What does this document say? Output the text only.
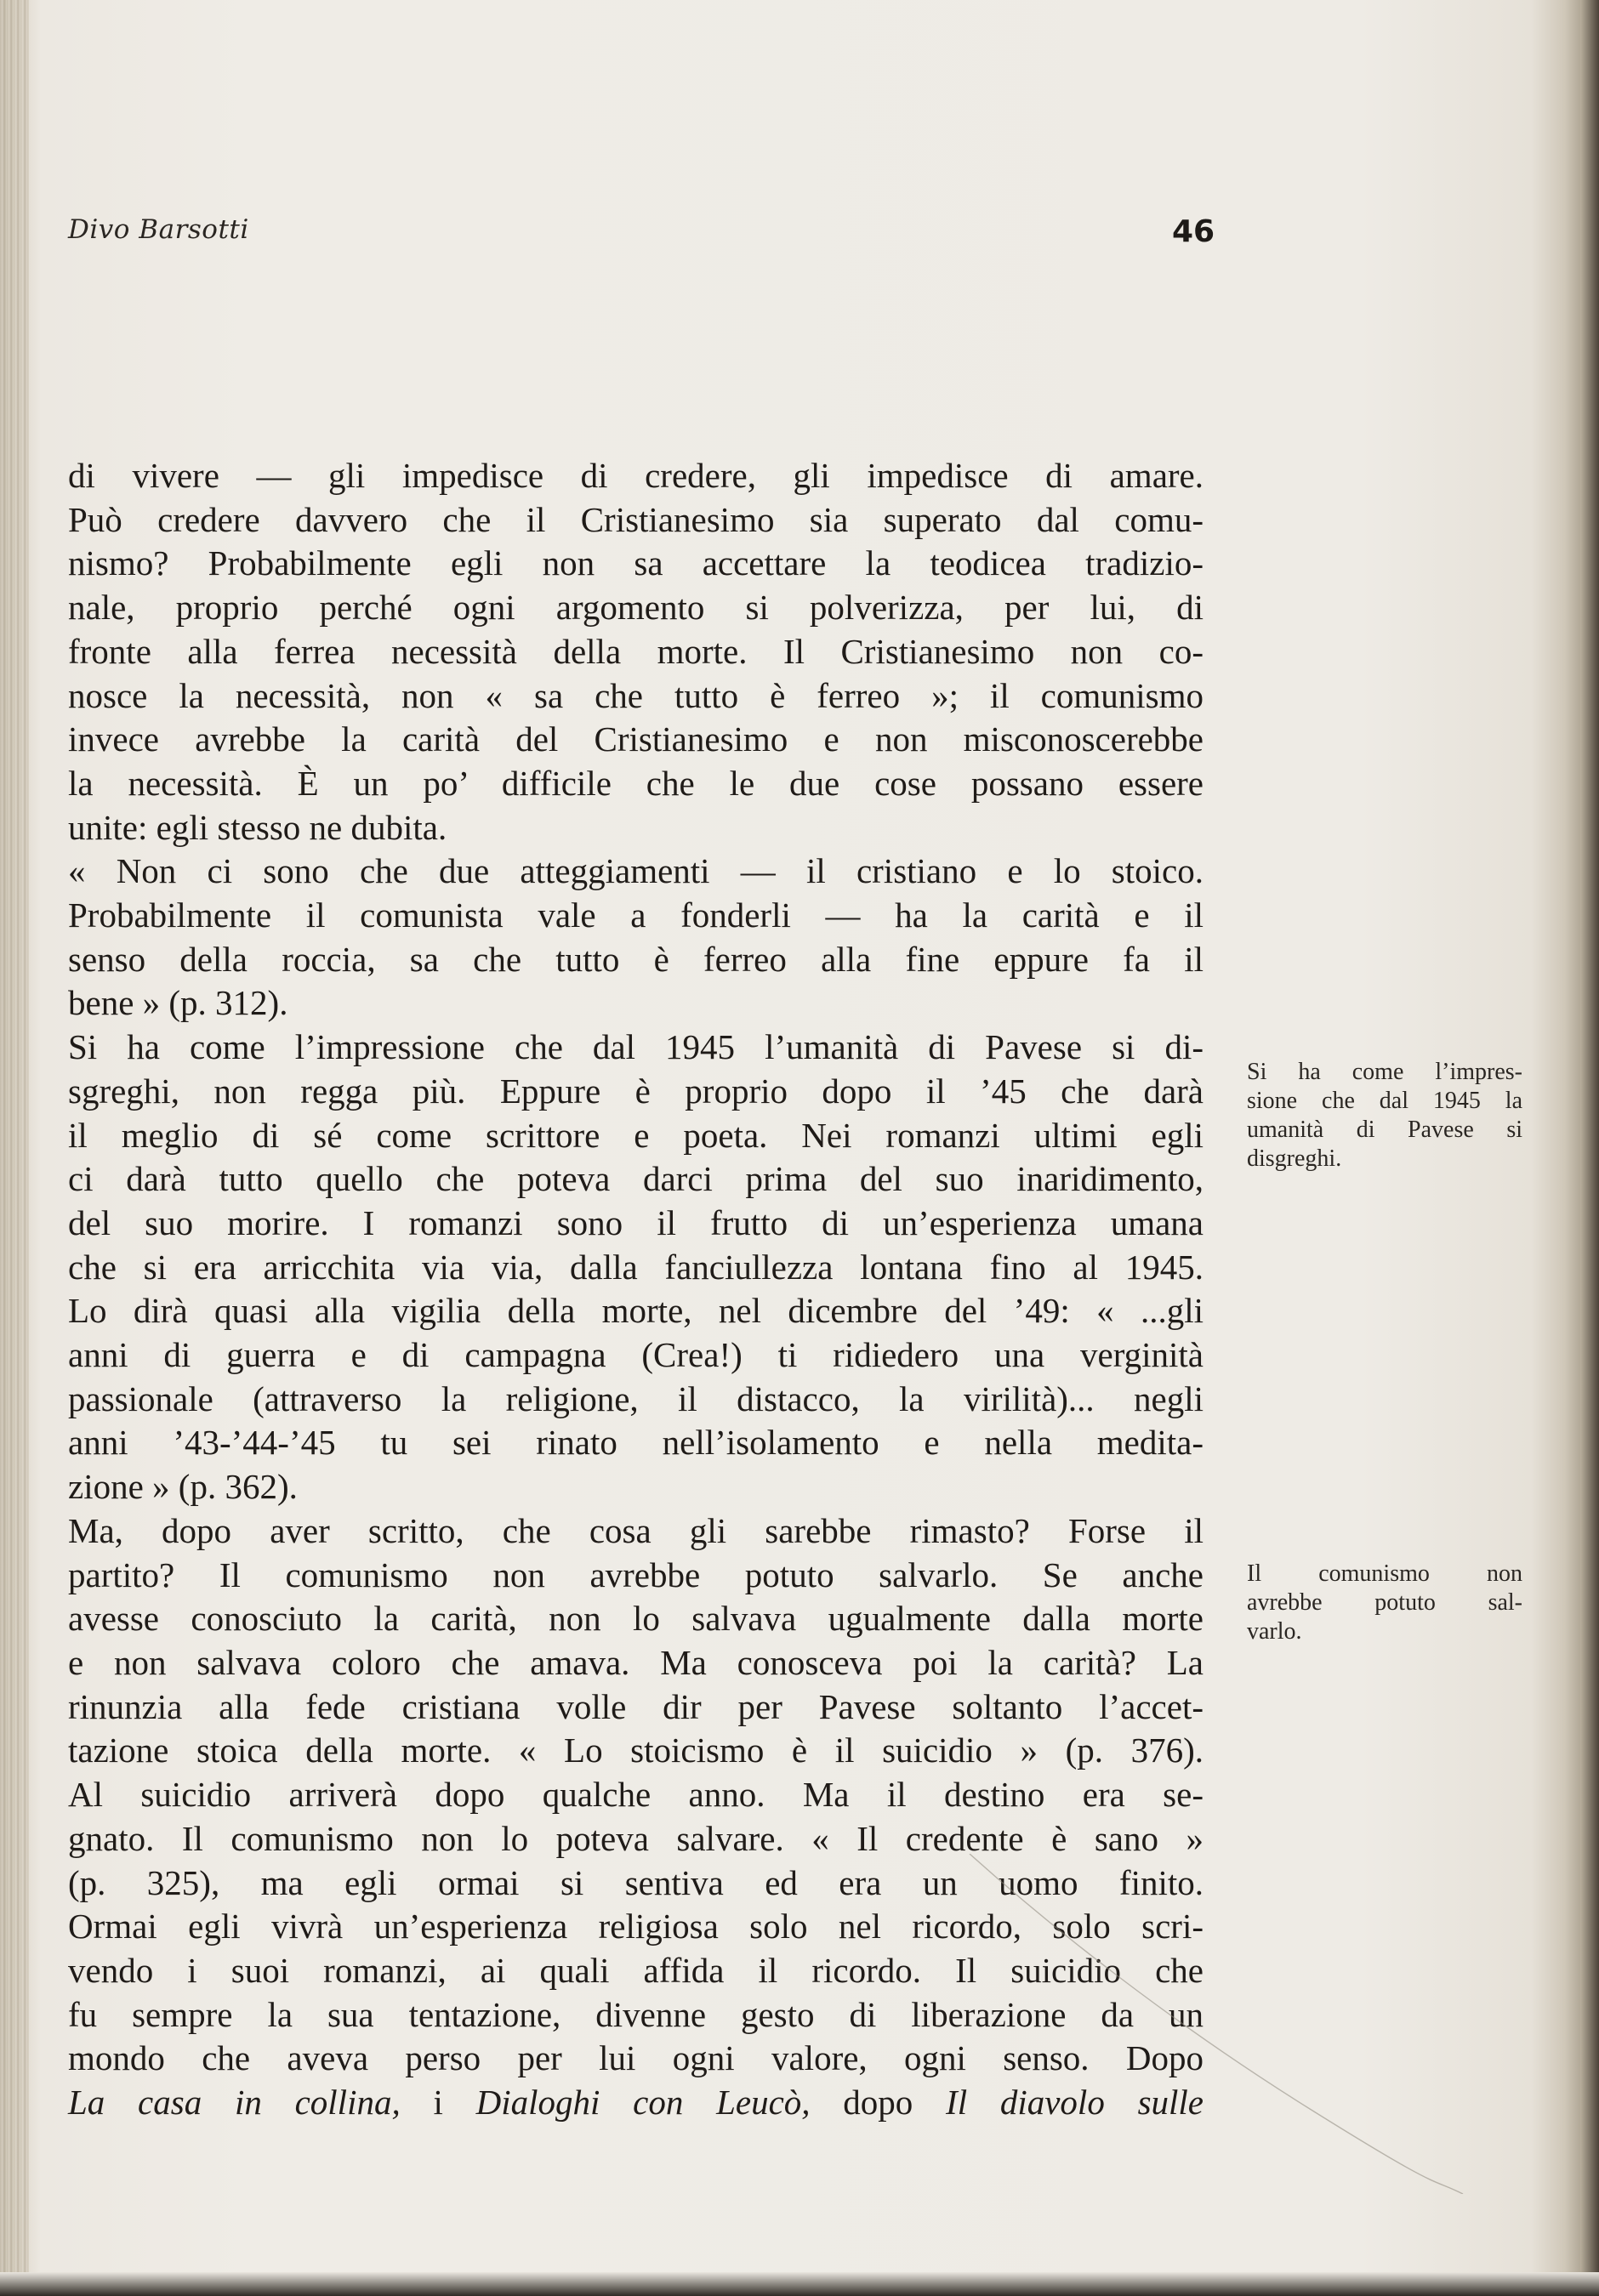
Divo Barsotti	46
di vivere — gli impedisce di credere, gli impedisce di amare.
Può credere davvero che il Cristianesimo sia superato dal comu-
nismo? Probabilmente egli non sa accettare la teodicea tradizio-
nale, proprio perché ogni argomento si polverizza, per lui, di
fronte alla ferrea necessità della morte. Il Cristianesimo non co-
nosce la necessità, non « sa che tutto è ferreo »; il comunismo
invece avrebbe la carità del Cristianesimo e non misconoscerebbe
la necessità. È un po’ difficile che le due cose possano essere
unite: egli stesso ne dubita.
« Non ci sono che due atteggiamenti — il cristiano e lo stoico.
Probabilmente il comunista vale a fonderli — ha la carità e il
senso della roccia, sa che tutto è ferreo alla fine eppure fa il
bene » (p. 312).
Si ha come l’impressione che dal 1945 l’umanità di Pavese si di-
sgreghi, non regga più. Eppure è proprio dopo il ’45 che darà
il meglio di sé come scrittore e poeta. Nei romanzi ultimi egli
ci darà tutto quello che poteva darci prima del suo inaridimento,
del suo morire. I romanzi sono il frutto di un’esperienza umana
che si era arricchita via via, dalla fanciullezza lontana fino al 1945.
Lo dirà quasi alla vigilia della morte, nel dicembre del ’49: « ...gli
anni di guerra e di campagna (Crea!) ti ridiedero una verginità
passionale (attraverso la religione, il distacco, la virilità)... negli
anni ’43-’44-’45 tu sei rinato nell’isolamento e nella medita-
zione » (p. 362).
Ma, dopo aver scritto, che cosa gli sarebbe rimasto? Forse il
partito? Il comunismo non avrebbe potuto salvarlo. Se anche
avesse conosciuto la carità, non lo salvava ugualmente dalla morte
e non salvava coloro che amava. Ma conosceva poi la carità? La
rinunzia alla fede cristiana volle dir per Pavese soltanto l’accet-
tazione stoica della morte. « Lo stoicismo è il suicidio » (p. 376).
Al suicidio arriverà dopo qualche anno. Ma il destino era se-
gnato. Il comunismo non lo poteva salvare. « Il credente è sano »
(p. 325), ma egli ormai si sentiva ed era un uomo finito.
Ormai egli vivrà un’esperienza religiosa solo nel ricordo, solo scri-
vendo i suoi romanzi, ai quali affida il ricordo. Il suicidio che
fu sempre la sua tentazione, divenne gesto di liberazione da un
mondo che aveva perso per lui ogni valore, ogni senso. Dopo
La casa in collina, i Dialoghi con Leucò, dopo Il diavolo sulle
Si ha come l’impres-
sione che dal 1945 la
umanità di Pavese si
disgreghi.
Il comunismo non
avrebbe potuto sal-
varlo.
